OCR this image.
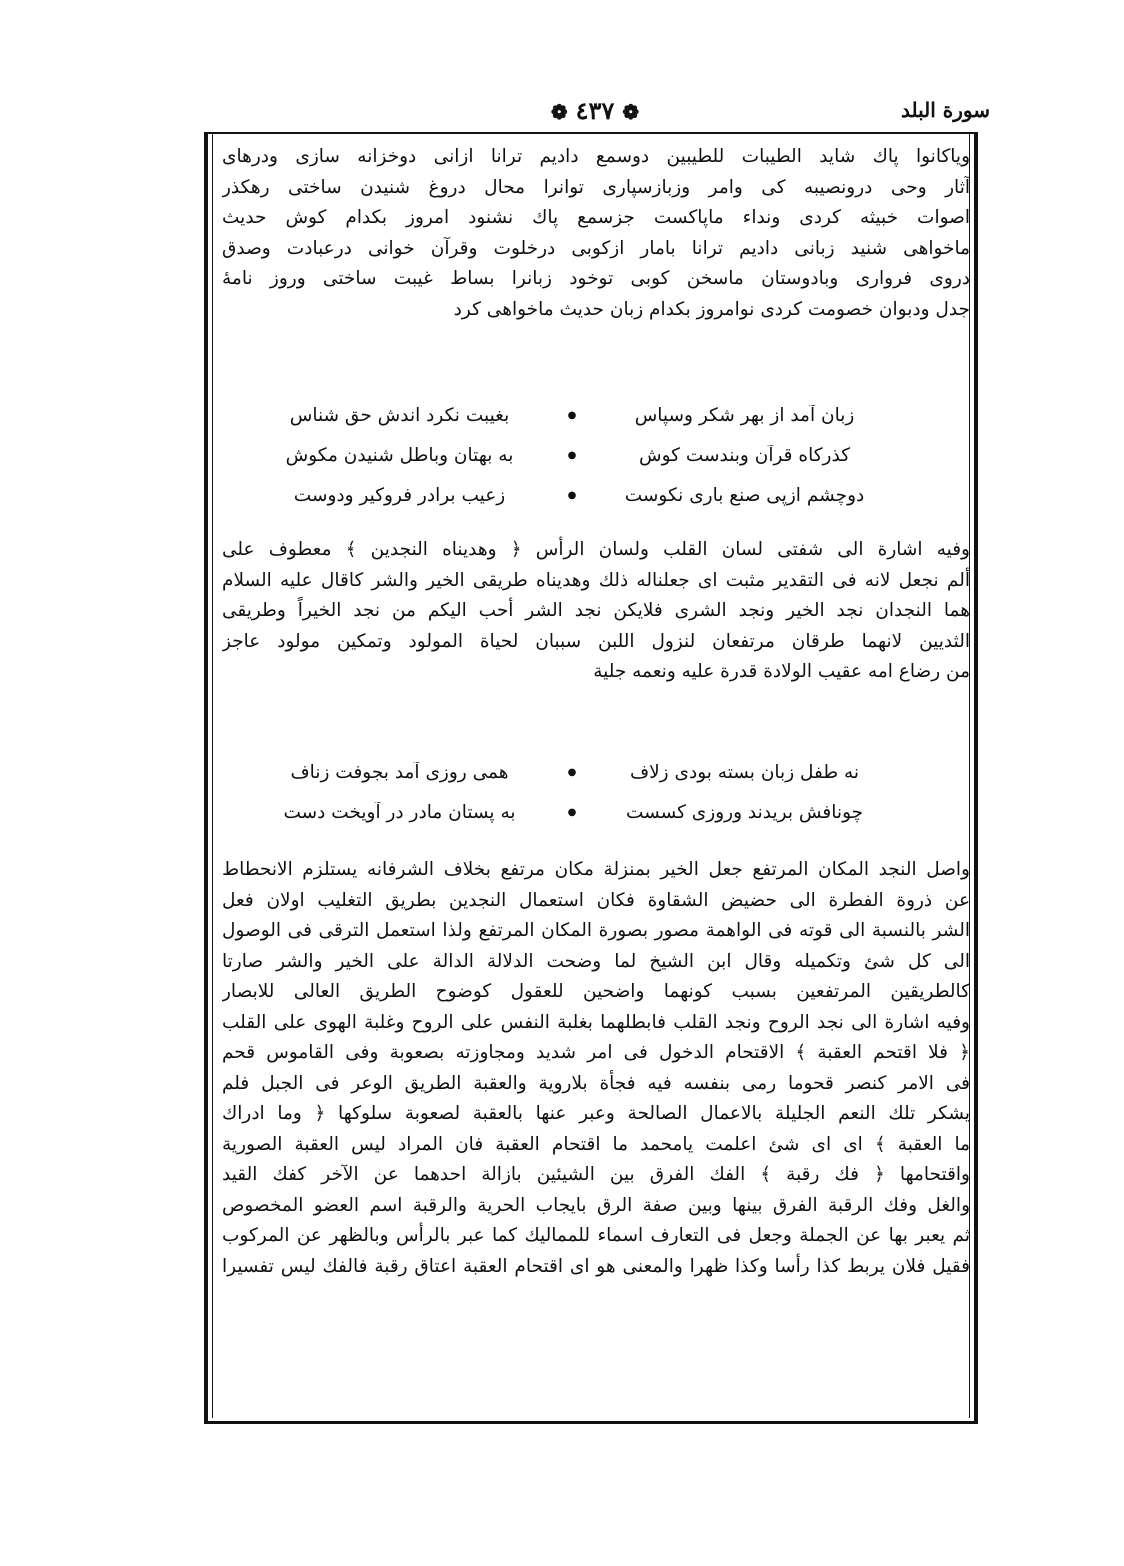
سورة البلد
❁ ٤٣٧ ❁
وياكانوا پاك شايد الطيبات للطيبين دوسمع داديم ترانا ازانى دوخزانه سازى ودرهاى
آثار وحى درونصيبه كى وامر وزبازسپارى توانرا محال دروغ شنيدن ساختى رهكذر
اصوات خبيثه كردى ونداء ماپاكست جزسمع پاك نشنود امروز بكدام كوش حديث
ماخواهى شنيد زبانى داديم ترانا بامار ازكوبى درخلوت وقرآن خوانى درعبادت وصدق
دروى فروارى وبادوستان ماسخن كوبى توخود زبانرا بساط غيبت ساختى وروز نامهٔ
جدل ودبوان خصومت كردى نوامروز بكدام زبان حديث ماخواهى كرد
زبان آمد از بهر شكر وسپاس
●
بغيبت نكرد اندش حق شناس
كذركاه قرآن وبندست كوش
●
به بهتان وباطل شنيدن مكوش
دوچشم ازپى صنع بارى نكوست
●
زعيب برادر فروكير ودوست
وفيه اشارة الى شفتى لسان القلب ولسان الرأس ﴿ وهديناه النجدين ﴾ معطوف على
ألم نجعل لانه فى التقدير مثبت اى جعلناله ذلك وهديناه طريقى الخير والشر كاقال عليه السلام
هما النجدان نجد الخير ونجد الشرى فلايكن نجد الشر أحب اليكم من نجد الخيراً وطريقى
الثديين لانهما طرقان مرتفعان لنزول اللبن سببان لحياة المولود وتمكين مولود عاجز
من رضاع امه عقيب الولادة قدرة عليه ونعمه جلية
نه طفل زبان بسته بودى زلاف
●
همى روزى آمد بجوفت زناف
چونافش بريدند وروزى كسست
●
به پستان مادر در آويخت دست
واصل النجد المكان المرتفع جعل الخير بمنزلة مكان مرتفع بخلاف الشرفانه يستلزم الانحطاط
عن ذروة الفطرة الى حضيض الشقاوة فكان استعمال النجدين بطريق التغليب اولان فعل
الشر بالنسبة الى قوته فى الواهمة مصور بصورة المكان المرتفع ولذا استعمل الترقى فى الوصول
الى كل شئ وتكميله وقال ابن الشيخ لما وضحت الدلالة الدالة على الخير والشر صارتا
كالطريقين المرتفعين بسبب كونهما واضحين للعقول كوضوح الطريق العالى للابصار
وفيه اشارة الى نجد الروح ونجد القلب فابطلهما بغلبة النفس على الروح وغلبة الهوى على القلب
﴿ فلا اقتحم العقبة ﴾ الاقتحام الدخول فى امر شديد ومجاوزته بصعوبة وفى القاموس قحم
فى الامر كنصر قحوما رمى بنفسه فيه فجأة بلاروية والعقبة الطريق الوعر فى الجبل فلم
يشكر تلك النعم الجليلة بالاعمال الصالحة وعبر عنها بالعقبة لصعوبة سلوكها ﴿ وما ادراك
ما العقبة ﴾ اى اى شئ اعلمت يامحمد ما اقتحام العقبة فان المراد ليس العقبة الصورية
واقتحامها ﴿ فك رقبة ﴾ الفك الفرق بين الشيئين بازالة احدهما عن الآخر كفك القيد
والغل وفك الرقبة الفرق بينها وبين صفة الرق بايجاب الحرية والرقبة اسم العضو المخصوص
ثم يعبر بها عن الجملة وجعل فى التعارف اسماء للمماليك كما عبر بالرأس وبالظهر عن المركوب
فقيل فلان يربط كذا رأسا وكذا ظهرا والمعنى هو اى اقتحام العقبة اعتاق رقبة فالفك ليس تفسيرا
